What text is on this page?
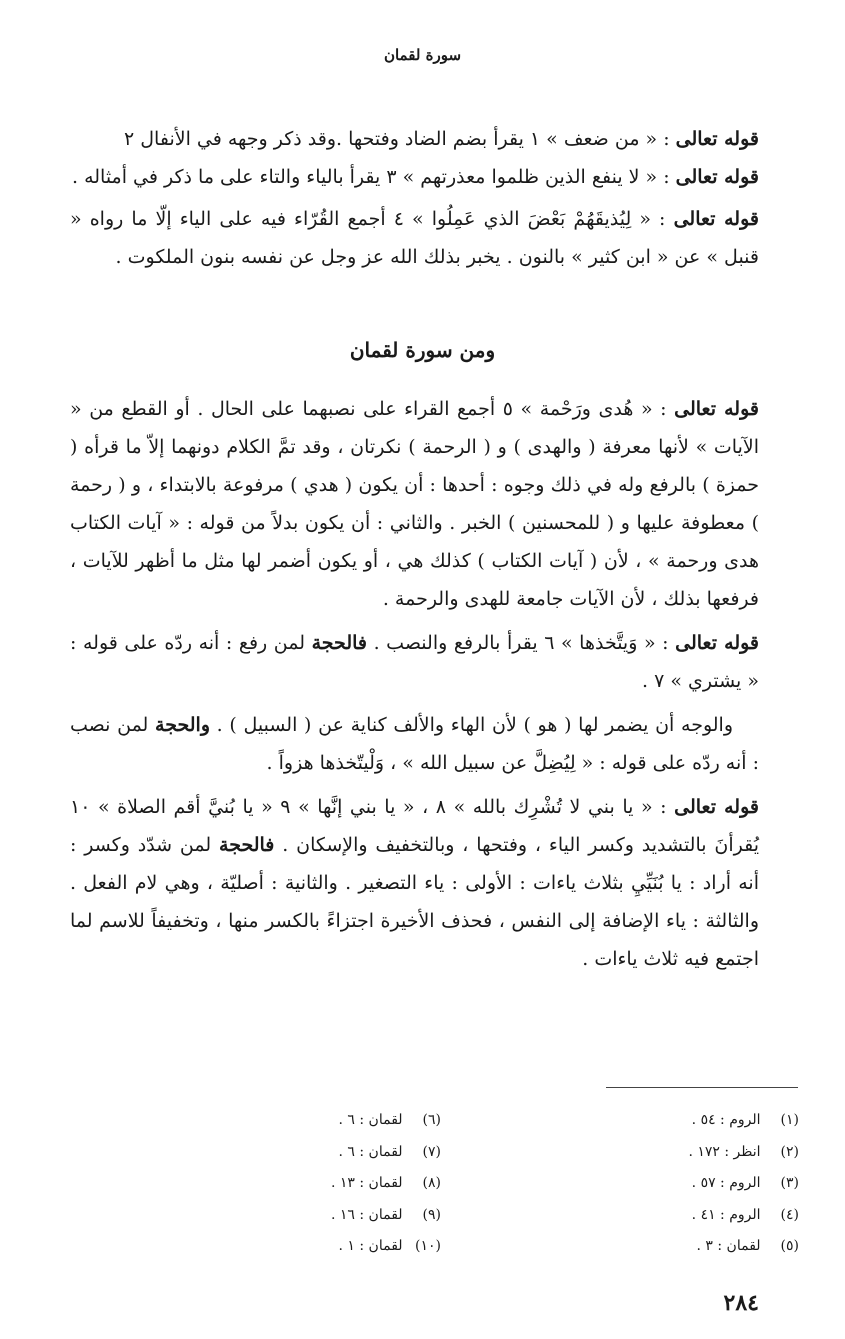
سورة لقمان

قوله تعالى : « من ضعف » ١ يقرأ بضم الضاد وفتحها .وقد ذكر وجهه في الأنفال ٢

قوله تعالى : « لا ينفع الذين ظلموا معذرتهم » ٣ يقرأ بالياء والتاء على ما ذكر في أمثاله .

قوله تعالى : « لِيُذيقَهُمْ بَعْضَ الذي عَمِلُوا » ٤ أجمع القُرّاء فيه على الياء إلّا ما رواه « قنبل » عن « ابن كثير » بالنون . يخبر بذلك الله عز وجل عن نفسه بنون الملكوت .

ومن سورة لقمان

قوله تعالى : « هُدى ورَحْمة » ٥ أجمع القراء على نصبهما على الحال . أو القطع من « الآيات » لأنها معرفة ( والهدى ) و ( الرحمة ) نكرتان ، وقد تمَّ الكلام دونهما إلاّ ما قرأه ( حمزة ) بالرفع وله في ذلك وجوه : أحدها : أن يكون ( هدي ) مرفوعة بالابتداء ، و ( رحمة ) معطوفة عليها و ( للمحسنين ) الخبر . والثاني : أن يكون بدلاً من قوله : « آيات الكتاب هدى ورحمة » ، لأن ( آيات الكتاب ) كذلك هي ، أو يكون أضمر لها مثل ما أظهر للآيات ، فرفعها بذلك ، لأن الآيات جامعة للهدى والرحمة .

قوله تعالى : « وَيتَّخذها » ٦ يقرأ بالرفع والنصب . فالحجة لمن رفع : أنه ردّه على قوله : « يشتري » ٧ .

والوجه أن يضمر لها ( هو ) لأن الهاء والألف كناية عن ( السبيل ) . والحجة لمن نصب : أنه ردّه على قوله : « لِيُضِلَّ عن سبيل الله » ، وَلْيتّخذها هزواً .

قوله تعالى : « يا بني لا تُشْرِك بالله » ٨ ، « يا بني إنَّها » ٩ « يا بُنيَّ أقم الصلاة » ١٠ يُقرأنَ بالتشديد وكسر الياء ، وفتحها ، وبالتخفيف والإسكان . فالحجة لمن شدّد وكسر : أنه أراد : يا بُنَيِّيِ بثلاث ياءات : الأولى : ياء التصغير . والثانية : أصليّة ، وهي لام الفعل . والثالثة : ياء الإضافة إلى النفس ، فحذف الأخيرة اجتزاءً بالكسر منها ، وتخفيفاً للاسم لما اجتمع فيه ثلاث ياءات .

(١) الروم : ٥٤ .
(٢) انظر : ١٧٢ .
(٣) الروم : ٥٧ .
(٤) الروم : ٤١ .
(٥) لقمان : ٣ .
(٦) لقمان : ٦ .
(٧) لقمان : ٦ .
(٨) لقمان : ١٣ .
(٩) لقمان : ١٦ .
(١٠) لقمان : ١ .
٢٨٤
